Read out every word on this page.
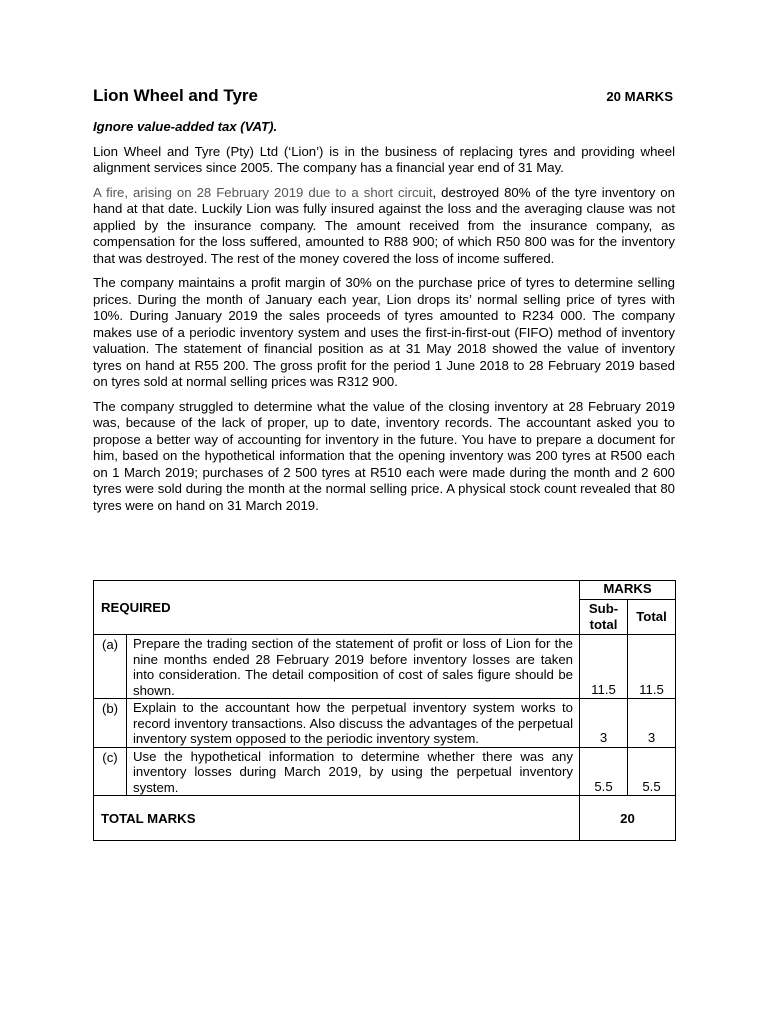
Lion Wheel and Tyre	20 MARKS
Ignore value-added tax (VAT).

Lion Wheel and Tyre (Pty) Ltd (‘Lion’) is in the business of replacing tyres and providing wheel alignment services since 2005. The company has a financial year end of 31 May.

A fire, arising on 28 February 2019 due to a short circuit, destroyed 80% of the tyre inventory on hand at that date. Luckily Lion was fully insured against the loss and the averaging clause was not applied by the insurance company. The amount received from the insurance company, as compensation for the loss suffered, amounted to R88 900; of which R50 800 was for the inventory that was destroyed. The rest of the money covered the loss of income suffered.

The company maintains a profit margin of 30% on the purchase price of tyres to determine selling prices. During the month of January each year, Lion drops its’ normal selling price of tyres with 10%. During January 2019 the sales proceeds of tyres amounted to R234 000. The company makes use of a periodic inventory system and uses the first-in-first-out (FIFO) method of inventory valuation. The statement of financial position as at 31 May 2018 showed the value of inventory tyres on hand at R55 200. The gross profit for the period 1 June 2018 to 28 February 2019 based on tyres sold at normal selling prices was R312 900.

The company struggled to determine what the value of the closing inventory at 28 February 2019 was, because of the lack of proper, up to date, inventory records. The accountant asked you to propose a better way of accounting for inventory in the future. You have to prepare a document for him, based on the hypothetical information that the opening inventory was 200 tyres at R500 each on 1 March 2019; purchases of 2 500 tyres at R510 each were made during the month and 2 600 tyres were sold during the month at the normal selling price. A physical stock count revealed that 80 tyres were on hand on 31 March 2019.

REQUIRED		MARKS	
		Sub-total	Total
(a)	Prepare the trading section of the statement of profit or loss of Lion for the nine months ended 28 February 2019 before inventory losses are taken into consideration. The detail composition of cost of sales figure should be shown.	11.5	11.5
(b)	Explain to the accountant how the perpetual inventory system works to record inventory transactions. Also discuss the advantages of the perpetual inventory system opposed to the periodic inventory system.	3	3
(c)	Use the hypothetical information to determine whether there was any inventory losses during March 2019, by using the perpetual inventory system.	5.5	5.5
TOTAL MARKS		20	
